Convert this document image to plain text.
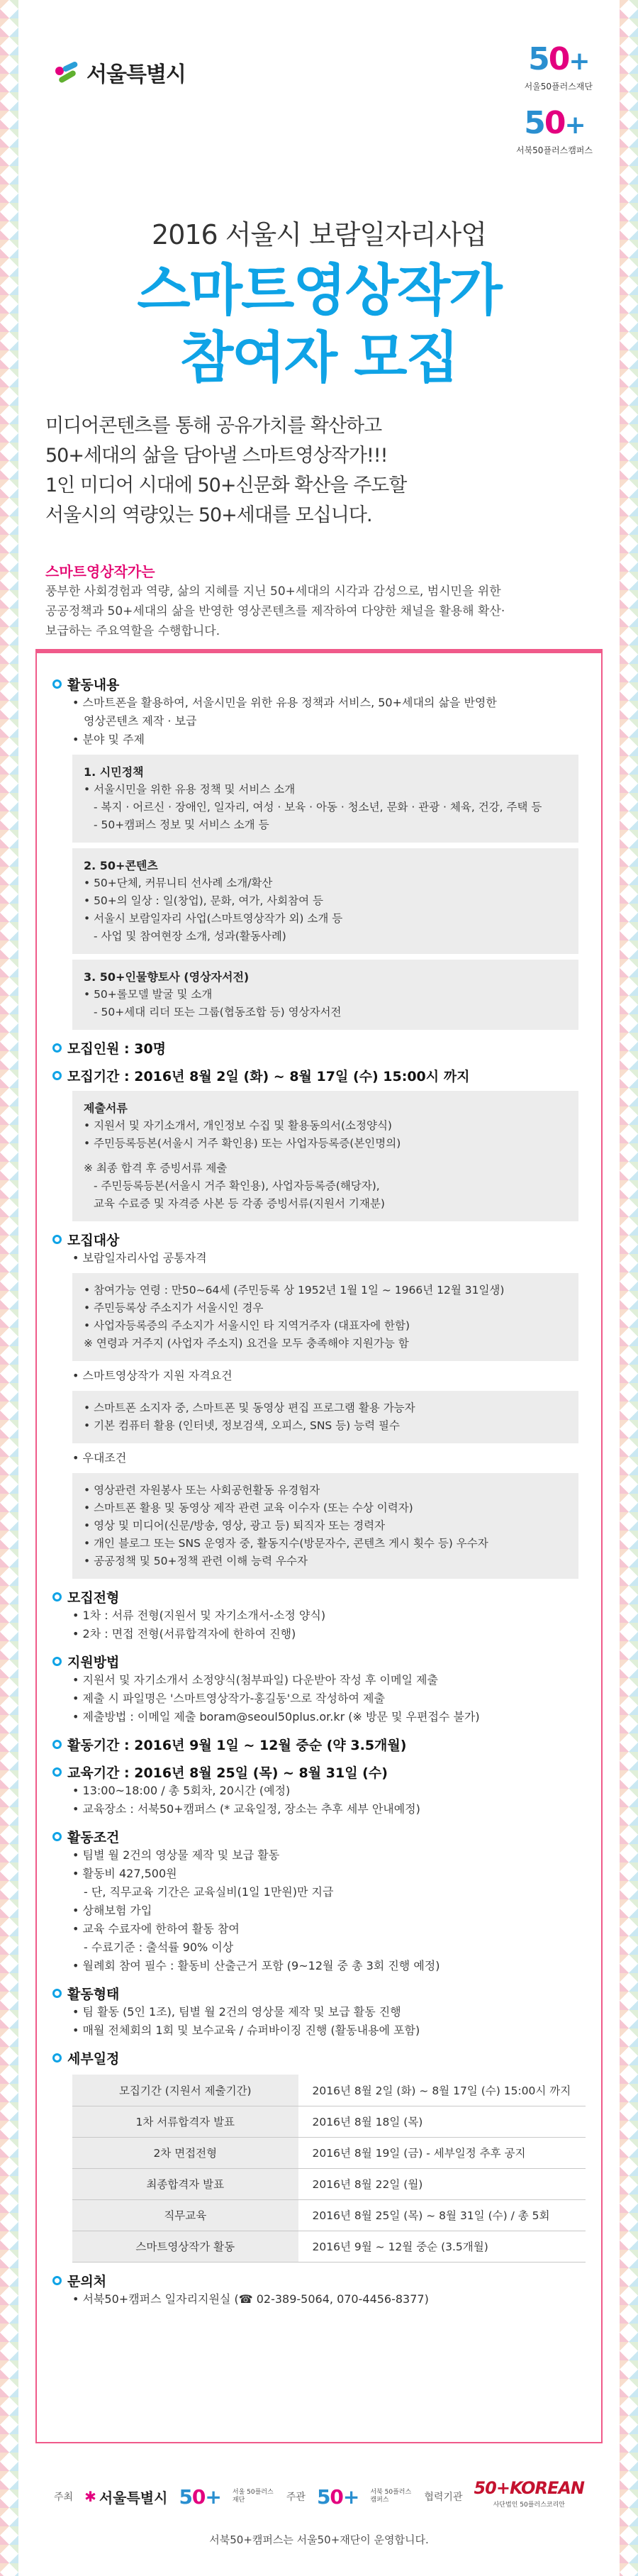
서울특별시	50+
서울50플러스재단
50+
서북50플러스캠퍼스
2016 서울시 보람일자리사업
스마트영상작가
참여자 모집
미디어콘텐츠를 통해 공유가치를 확산하고
50+세대의 삶을 담아낼 스마트영상작가!!!
1인 미디어 시대에 50+신문화 확산을 주도할
서울시의 역량있는 50+세대를 모십니다.
스마트영상작가는
풍부한 사회경험과 역량, 삶의 지혜를 지닌 50+세대의 시각과 감성으로, 범시민을 위한
공공정책과 50+세대의 삶을 반영한 영상콘텐츠를 제작하여 다양한 채널을 활용해 확산·
보급하는 주요역할을 수행합니다.
활동내용
• 스마트폰을 활용하여, 서울시민을 위한 유용 정책과 서비스, 50+세대의 삶을 반영한
영상콘텐츠 제작 · 보급
• 분야 및 주제
1. 시민정책
• 서울시민을 위한 유용 정책 및 서비스 소개
- 복지 · 어르신 · 장애인, 일자리, 여성 · 보육 · 아동 · 청소년, 문화 · 관광 · 체육, 건강, 주택 등
- 50+캠퍼스 정보 및 서비스 소개 등
2. 50+콘텐츠
• 50+단체, 커뮤니티 선사례 소개/확산
• 50+의 일상 : 일(창업), 문화, 여가, 사회참여 등
• 서울시 보람일자리 사업(스마트영상작가 외) 소개 등
- 사업 및 참여현장 소개, 성과(활동사례)
3. 50+인물향토사 (영상자서전)
• 50+롤모델 발굴 및 소개
- 50+세대 리더 또는 그룹(협동조합 등) 영상자서전
모집인원 : 30명
모집기간 : 2016년 8월 2일 (화) ~ 8월 17일 (수) 15:00시 까지
제출서류
• 지원서 및 자기소개서, 개인정보 수집 및 활용동의서(소정양식)
• 주민등록등본(서울시 거주 확인용) 또는 사업자등록증(본인명의)
※ 최종 합격 후 증빙서류 제출
- 주민등록등본(서울시 거주 확인용), 사업자등록증(해당자),
교육 수료증 및 자격증 사본 등 각종 증빙서류(지원서 기재분)
모집대상
• 보람일자리사업 공통자격
• 참여가능 연령 : 만50~64세 (주민등록 상 1952년 1월 1일 ~ 1966년 12월 31일생)
• 주민등록상 주소지가 서울시인 경우
• 사업자등록증의 주소지가 서울시인 타 지역거주자 (대표자에 한함)
※ 연령과 거주지 (사업자 주소지) 요건을 모두 충족해야 지원가능 함
• 스마트영상작가 지원 자격요건
• 스마트폰 소지자 중, 스마트폰 및 동영상 편집 프로그램 활용 가능자
• 기본 컴퓨터 활용 (인터넷, 정보검색, 오피스, SNS 등) 능력 필수
• 우대조건
• 영상관련 자원봉사 또는 사회공헌활동 유경험자
• 스마트폰 활용 및 동영상 제작 관련 교육 이수자 (또는 수상 이력자)
• 영상 및 미디어(신문/방송, 영상, 광고 등) 퇴직자 또는 경력자
• 개인 블로그 또는 SNS 운영자 중, 활동지수(방문자수, 콘텐츠 게시 횟수 등) 우수자
• 공공정책 및 50+정책 관련 이해 능력 우수자
모집전형
• 1차 : 서류 전형(지원서 및 자기소개서-소정 양식)
• 2차 : 면접 전형(서류합격자에 한하여 진행)
지원방법
• 지원서 및 자기소개서 소정양식(첨부파일) 다운받아 작성 후 이메일 제출
• 제출 시 파일명은 '스마트영상작가-홍길동'으로 작성하여 제출
• 제출방법 : 이메일 제출 boram@seoul50plus.or.kr (※ 방문 및 우편접수 불가)
활동기간 : 2016년 9월 1일 ~ 12월 중순 (약 3.5개월)
교육기간 : 2016년 8월 25일 (목) ~ 8월 31일 (수)
• 13:00~18:00 / 총 5회차, 20시간 (예정)
• 교육장소 : 서북50+캠퍼스 (* 교육일정, 장소는 추후 세부 안내예정)
활동조건
• 팀별 월 2건의 영상물 제작 및 보급 활동
• 활동비 427,500원
- 단, 직무교육 기간은 교육실비(1일 1만원)만 지급
• 상해보험 가입
• 교육 수료자에 한하여 활동 참여
- 수료기준 : 출석률 90% 이상
• 월례회 참여 필수 : 활동비 산출근거 포함 (9~12월 중 총 3회 진행 예정)
활동형태
• 팀 활동 (5인 1조), 팀별 월 2건의 영상물 제작 및 보급 활동 진행
• 매월 전체회의 1회 및 보수교육 / 슈퍼바이징 진행 (활동내용에 포함)
세부일정
모집기간 (지원서 제출기간)	2016년 8월 2일 (화) ~ 8월 17일 (수) 15:00시 까지
1차 서류합격자 발표	2016년 8월 18일 (목)
2차 면접전형	2016년 8월 19일 (금) - 세부일정 추후 공지
최종합격자 발표	2016년 8월 22일 (월)
직무교육	2016년 8월 25일 (목) ~ 8월 31일 (수) / 총 5회
스마트영상작가 활동	2016년 9월 ~ 12월 중순 (3.5개월)
문의처
• 서북50+캠퍼스 일자리지원실 (☎ 02-389-5064, 070-4456-8377)
주최 ✱ 서울특별시 50+ 서울 50플러스재단	주관 50+ 서북 50플러스캠퍼스	협력기관 50+KOREAN
사단법인 50플러스코리안
서북50+캠퍼스는 서울50+재단이 운영합니다.
